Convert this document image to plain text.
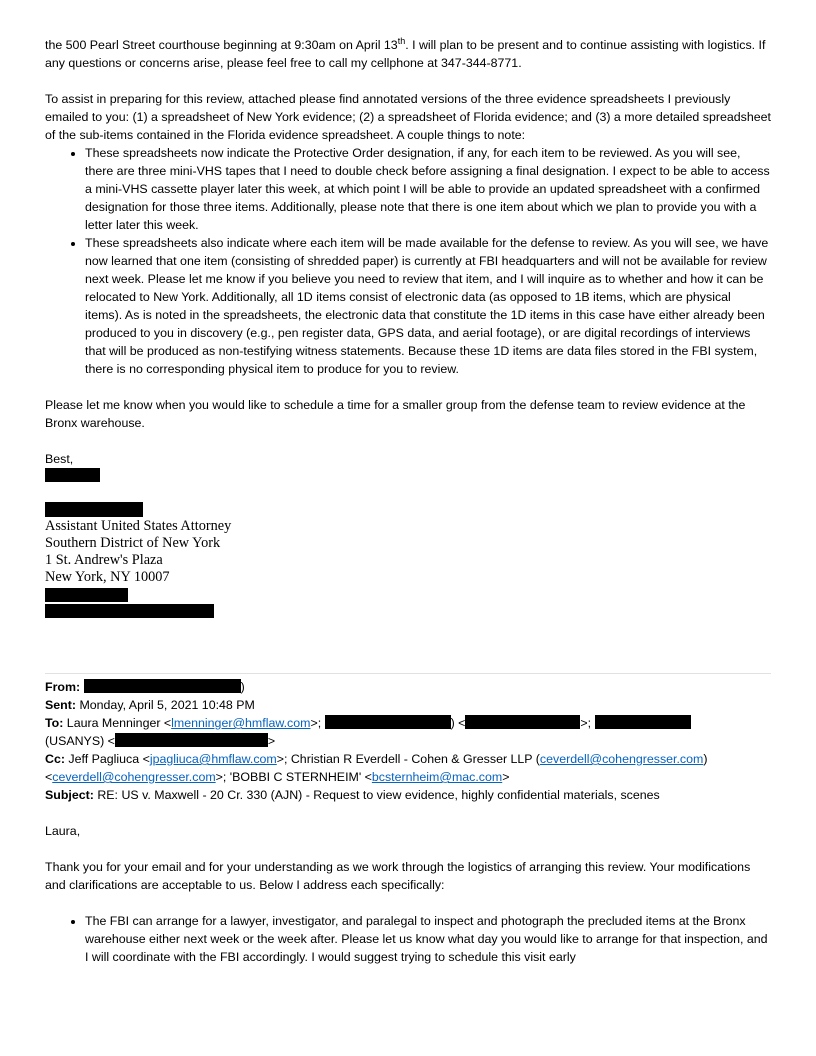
the 500 Pearl Street courthouse beginning at 9:30am on April 13th. I will plan to be present and to continue assisting with logistics. If any questions or concerns arise, please feel free to call my cellphone at 347-344-8771.

To assist in preparing for this review, attached please find annotated versions of the three evidence spreadsheets I previously emailed to you: (1) a spreadsheet of New York evidence; (2) a spreadsheet of Florida evidence; and (3) a more detailed spreadsheet of the sub-items contained in the Florida evidence spreadsheet. A couple things to note:

• These spreadsheets now indicate the Protective Order designation, if any, for each item to be reviewed. As you will see, there are three mini-VHS tapes that I need to double check before assigning a final designation. I expect to be able to access a mini-VHS cassette player later this week, at which point I will be able to provide an updated spreadsheet with a confirmed designation for those three items. Additionally, please note that there is one item about which we plan to provide you with a letter later this week.
• These spreadsheets also indicate where each item will be made available for the defense to review. As you will see, we have now learned that one item (consisting of shredded paper) is currently at FBI headquarters and will not be available for review next week. Please let me know if you believe you need to review that item, and I will inquire as to whether and how it can be relocated to New York. Additionally, all 1D items consist of electronic data (as opposed to 1B items, which are physical items). As is noted in the spreadsheets, the electronic data that constitute the 1D items in this case have either already been produced to you in discovery (e.g., pen register data, GPS data, and aerial footage), or are digital recordings of interviews that will be produced as non-testifying witness statements. Because these 1D items are data files stored in the FBI system, there is no corresponding physical item to produce for you to review.

Please let me know when you would like to schedule a time for a smaller group from the defense team to review evidence at the Bronx warehouse.

Best,

Assistant United States Attorney
Southern District of New York
1 St. Andrew's Plaza
New York, NY 10007

From:	)

Sent: Monday, April 5, 2021 10:48 PM

To: Laura Menninger <lmenninger@hmflaw.com>;	) <	>;
(USANYS) <	>

Cc: Jeff Pagliuca <jpagliuca@hmflaw.com>; Christian R Everdell - Cohen & Gresser LLP (ceverdell@cohengresser.com)
<ceverdell@cohengresser.com>; 'BOBBI C STERNHEIM' <bcsternheim@mac.com>

Subject: RE: US v. Maxwell - 20 Cr. 330 (AJN) - Request to view evidence, highly confidential materials, scenes

Laura,

Thank you for your email and for your understanding as we work through the logistics of arranging this review. Your modifications and clarifications are acceptable to us. Below I address each specifically:

• The FBI can arrange for a lawyer, investigator, and paralegal to inspect and photograph the precluded items at the Bronx warehouse either next week or the week after. Please let us know what day you would like to arrange for that inspection, and I will coordinate with the FBI accordingly. I would suggest trying to schedule this visit early
